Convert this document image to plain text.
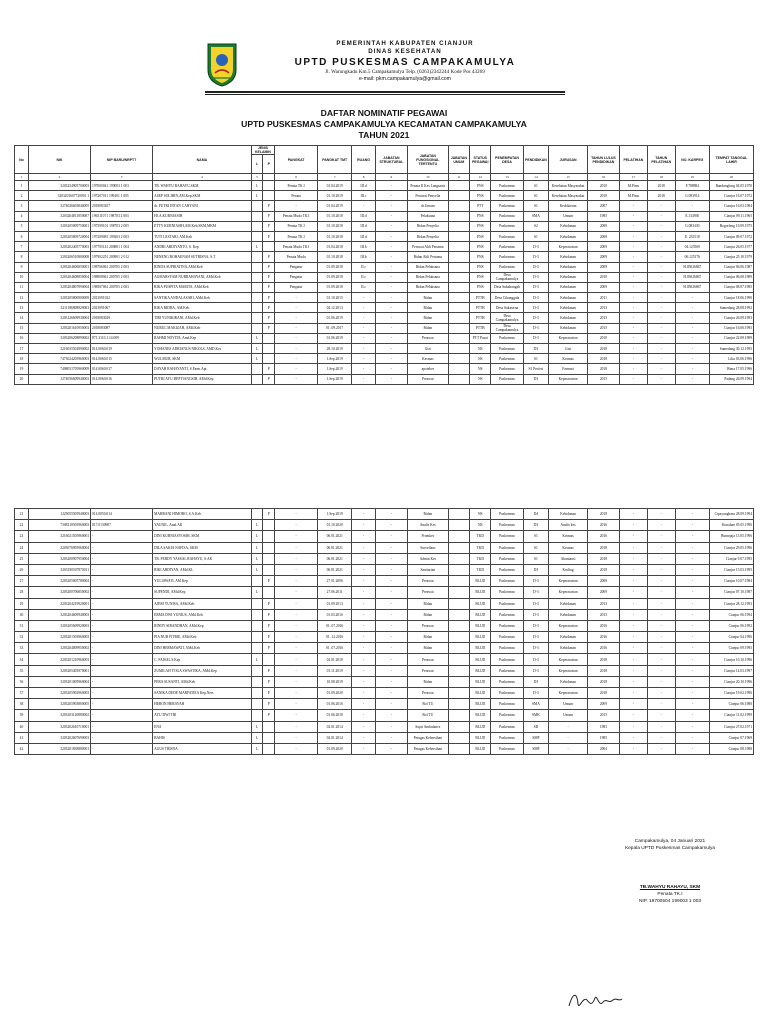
PEMERINTAH KABUPATEN CIANJUR
DINAS KESEHATAN
UPTD PUSKESMAS CAMPAKAMULYA
Jl. Warungkadu Km.5 Campakamulya Telp. (0263)2342244 Kode Pos 43269
e-mail: pkm.campakamulya@gmail.com
DAFTAR NOMINATIF PEGAWAI
UPTD PUSKESMAS CAMPAKAMULYA KECAMATAN CAMPAKAMULYA
TAHUN 2021
No	NIK	NIP BARU/NRPTT	NAMA	JENIS KELAMIN		PANGKAT	PANGKAT TMT	RUANG	JABATAN STRUKTURAL	JABATAN FUNGSIONAL TERTENTU	JABATAN UMUM	STATUS PEGAWAI	PENEMPATAN DESA	PENDIDIKAN	JURUSAN	TAHUN LULUS PENDIDIKAN	PELATIHAN	TAHUN PELATIHAN	NO. KARPEG	TEMPAT TANGGAL LAHIR
				L	P															
1	2	3	4	5		6	7	8	9	10	11	12	13	14	15	16	17	18	19	20
1	3203254905700003	197000041 199003 1 003	TB. WAHYU RAHAYU,SKM	L		Penata TK.I	01.04.2019	III.d	-	Penata II Kes Langsanis		PNS	Puskesmas	S1	Kesehatan Masyarakat	2010	M.Pims	2018	F.788884	Bandunglong 04.05.1970
2	3203201607720001 1	197207011 199401 1 005	ASEP SOLIHIN,AM.Kep,SKM	L		Penata	01.10.2019	III.c	-	Perawat Penyelia		PNS	Puskesmas	S1	Kesehatan Masyarakat	2010	M.Pims	2018	G.093914	Cianjur 16.07.1972
3	3274026603840005	2018083107	dr. PUTRI INTAN CAHYANI		P	-	01.04.2019	-	-	dr.Umum		PTT	Puskesmas	S1	Kedokteran	2007	-	-	-	Cianjur 16.03.1984
4	3203204811850007	196511071 198703 2 003	HJ.A.KURNIASIH		P	Penata Muda TK.I	01.10.2018	III.d	-	Pelaksana		PNS	Puskesmas	SMA	Umum	1985	-	-	E.134930	Cianjur 09.11.1965
5	3203205009750001	197509101 198703 2 005	ETTY KURNIASIH,AM.Keb,SKM,MKM		P	Penata TK.I	01.10.2018	III.d	-	Bidan Penyelia		PNS	Puskesmas	S2	Kebidanan	2008	-	-	G.083430	Bogorleng 10.09.1975
6	3203205809720004	197209081 199203 2 003	TUTI LESTARI, AM.Keb		P	Penata TK.I	01.10.2018	III.d	-	Bidan Penyelia		PNS	Puskesmas	S1	Kebidanan	2008	-	-	E. 235518	Cianjur 09.07.1972
7	3203202405770003	197705141 200801 1 004	ANDRI ARDIYANTO, S. Kep	L		Penata Muda TK.I	01.04.2018	III.b	-	Perawat Ahli Pertama		PNS	Puskesmas	D-3	Keperawatan	2009	-	-	04.125569	Cianjur 26.05.1977
8	3203206510800008	197902251 200901 2 012	NENENG ROHAENAH SUTRISNA, S.T		P	Penata Muda	01.10.2018	III.b	-	Bidan Ahli Pertama		PNS	Puskesmas	D-3	Kebidanan	2009	-	-	06.125176	Cianjur 25.10.1979
9	3203204606850001	198706061 200705 2 003	RINDA SUPRIATINA,AMd.Keb		P	Pengatur	01.09.2018	II.c	-	Bidan Pelaksana		PNS	Puskesmas	D-3	Kebidanan	2009	-	-	H.05026867	Cianjur 06.06.1987
10	3203204608850004	198908061 200705 2 003	AGMARSYAM NURRAHAYANI, AMd.Keb		P	Pengatur	01.09.2018	II.c	-	Bidan Pelaksana		PNS	Desa Campakamulya	D-3	Kebidanan	2010	-	-	H.05026867	Cianjur 06.08.1989
11	3203204807890004	198507061 200705 2 003	RIKA PUSPITA MARITA, AMd.Keb		P	Pengatur	01.09.2018	II.c	-	Bidan Pelaksana		PNS	Desa Sukabungah	D-3	Kebidanan	2009	-	-	H.05026867	Cianjur 08.07.1985
12	3203205806900009	2013091022	SANTIKA ANDALASARI, AMd.Keb		P	-	01.10.2015	-	-	Bidan		PTTB	Desa Cibanggala	D-3	Kebidanan	2011	-	-	-	Cianjur 18.06.1990
13	3211186808920003	2013091067	RIKA RIDHA, AM.Keb		P	-	04.12.2013	-	-	Bidan		PTTB	Desa Sukasirna	D-3	Kebidanan	2013	-	-	-	Sumedang 28.08.1992
14	3203126609930004	2018083029	TIRI YUNIKIRANI, AMd.Keb		P	-	01.06.2019	-	-	Bidan		PTTB	Desa Campakamulya	D-3	Kebidanan	2013	-	-	-	Cianjur 26.09.1993
15	3203201610950003	2018083087	NURUL MAKIZAH, AMd.Keb		P	-	01..09.2017	-	-	Bidan		PTTB	Desa Campakamulya	D-3	Kebidanan	2015	-	-	-	Cianjur 16.06.1995
16	3203206208890002	871.3110.1.14.009	RAHMI NOVITA, Amd.Kep	L		-	01.06.2019	-	-	Perawat		PTT Pusat	Puskesmas	D-3	Keperawatan	2010	-	-	-	Cianjur 22.08.1989
17	3216035502890002	014.0060.019	YOHANES ADRIANUS NIKOLS, AMD.Kes	L		-	28.10.2019	-	-	Gizi		NS	Puskesmas	D3	Gizi	2018	-	-	-	Sumedang 30.12.1995
18	7473024205960003	014.0060.015	WULMUR, SKM	L		-	1.Sep.2019	-	-	Kesmas		NS	Puskesmas	S1	Kesmas	2018	-	-	-	Liku 03.06.1996
19	7408031705960009	014.0060.017	DAYAH RAHAYANTI, S.Farm.Apt		P	-	1.Sep.2019	-	-	apoteker		NS	Puskesmas	S1 Profesi	Farmasi	2018	-	-	-	Bima 17.05.1996
20	1274056609940003	014.0060.016	PUTRI AYU DEPTIANGSIH, AMd.Kep		P	-	1.Sep.2019	-	-	Perawat		NS	Puskesmas	D3	Keperawatan	2015	-	-	-	Padang 26.09.1994
21	1225055505940003	014.0050.014	MAHRANI HIMORO, S.A.Keb		P	-	1.Sep.2019	-	-	Bidan		NS	Puskesmas	D4	Kebidanan	2018	-	-	-	Cipayungbaru 28.09.1994
22	7308210505960003	017.0130987	YAUNIL, Amd.AK	L		-	01.10.2020	-	-	Analis Kes		NS	Puskesmas	D3	Analis kes	2016	-	-	-	Konahan 05.05.1996
23	3216021505960001	-	DINI KURNIASYOSIH, SKM	L		-	06.01.2021	-	-	Promkes		TKD	Puskesmas	S1	Kesmas	2016	-	-	-	Bumnjaja 15.05.1996
24	3203076905960004	-	DILA SAKIA NAFISA, SKM	L		-	06.01.2021	-	-	Surveilans		TKD	Puskesmas	S1	Kesmas	2018	-	-	-	Cianjur 29.05.1996
25	3203200907950004	-	TB. FERDY YASSAL RAHAYU, S.AK	L		-	06.01.2021	-	-	Admin Kes		TKD	Puskesmas	S1	Akuntansi	2018	-	-	-	Cianjur 9.07.1995
26	3203190507870011	-	RIKI ARDIYAN, AMd.KL	L		-	06.01.2021	-	-	Sanitarian		TKD	Puskesmas	D3	Kesling	2018	-	-	-	Cianjur 15.03.1995
27	3203205005780004	-	YULIAWATI, AM.Kep		P	-	27.01.2006	-	-	Perawat		BLUD	Puskesmas	D-3	Keperawatan	2006	-	-	-	Cianjur 10.07.1984
28	3203200706850002	-	SUPENDI, AMd.Kep	L		-	27.06.2011	-	-	Perawat		BLUD	Puskesmas	D-3	Keperawatan	2009	-	-	-	Cianjur 07.10.1987
29	3203204219920001	-	AJERI YUNISA, AMd.Keb		P	-	01.09.2013	-	-	Bidan		BLUD	Puskesmas	D-3	Kebidanan	2013	-	-	-	Cianjur 28.12.1993
30	3203204609940003	-	ERMA DWI YUNIUS, AMd.Keb		P	-	01.03.2016	-	-	Bidan		BLUD	Puskesmas	D-3	Kebidanan	2015	-	-	-	Cianjur 06.1994
31	3203205609920003	-	RINDY SIRANDHAN, AMd.Kep		P	-	01..07.2016	-	-	Perawat		BLUD	Puskesmas	D-3	Keperawatan	2016	-	-	-	Cianjur 06.1992
32	3203201503960003	-	PIA NUR FITRIE, AMd.Keb		P	-	01..12.2016	-	-	Bidan		BLUD	Puskesmas	D-3	Kebidanan	2016	-	-	-	Cianjur 04.1996
33	3203204009950002	-	DINI HERMAWATI, AMd.Keb		P	-	01..07.2016	-	-	Bidan		BLUD	Puskesmas	D-3	Kebidanan	2016	-	-	-	Cianjur 09.1995
34	3203201210960003	-	C. FAISAL S.Kep	L		-	02.01.2018	-	-	Perawat		BLUD	Puskesmas	D-3	Keperawatan	2018	-	-	-	Cianjur 10.10.1996
35	3203205403970001	-	ZUMILAH YOGA SWASTIKA, AMd.Kep		P	-	01.11.2019	-	-	Perawat		BLUD	Puskesmas	D-3	Keperawatan	2018	-	-	-	Cianjur 14.03.1997
36	3203201005960004	-	PERA SUSANTI, AMd.Keb		P	-	10.08.2019	-	-	Bidan		BLUD	Puskesmas	D3	Kebidanan	2018	-	-	-	Cianjur 20.10.1996
37	3203205902960003	-	SANIKA DEDE MARFATIEA Kep.Ners		P	-	01.09.2020	-	-	Perawat		BLUD	Puskesmas	D-3	Keperawatan	2018	-	-	-	Cianjur 19.02.1996
38	3203205903800005	-	HERON HERAYAH		P	-	01.06.2016	-	-	Bol TU		BLUD	Puskesmas	SMA	Umum	2009	-	-	-	Cianjur 06.1980
39	3203203120880002	-	AYU DWI TRI		P	-	01.06.2018	-	-	Bol TU		BLUD	Puskesmas	SMK	Umum	2015	-	-	-	Cianjur 11.02.1999
40	3203202610710001	-	ENA	L		-	02.01.2014	-	-	Supir Ambulance		BLUD	Puskesmas	SD	-	1983	-	-	-	Cianjur 27.02.1971
41	3203202607690003	-	BAHIS	L		-	02.01.2014	-	-	Petugas Kebersihan		BLUD	Puskesmas	SMP	-	1985	-	-	-	Cianjur 07.1969
42	3203201838880001	-	AGUS TRISNA	L		-	01.09.2020	-	-	Petugas Kebersihan		BLUD	Puskesmas	SMP	-	2004	-	-	-	Cianjur 08.1988
Campakamulya, 04 Januari 2021
Kepala UPTD Puskesmas Campakamulya
TB.WAHYU RAHAYU, SKM
Penata TK.I
NIP. 19700504 199003 1 003
